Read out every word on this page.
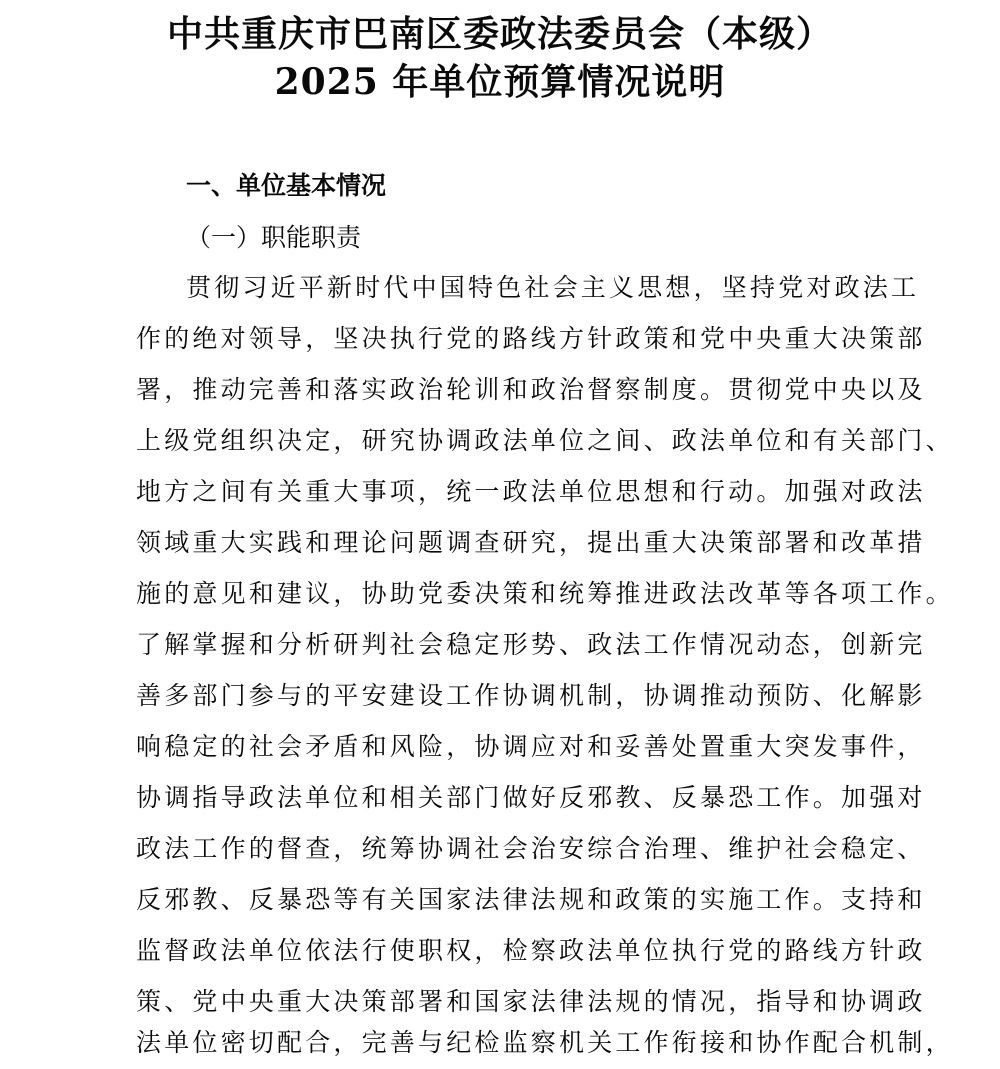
中共重庆市巴南区委政法委员会（本级）
2025 年单位预算情况说明
一、单位基本情况
（一）职能职责
贯彻习近平新时代中国特色社会主义思想，坚持党对政法工
作的绝对领导，坚决执行党的路线方针政策和党中央重大决策部
署，推动完善和落实政治轮训和政治督察制度。贯彻党中央以及
上级党组织决定，研究协调政法单位之间、政法单位和有关部门、
地方之间有关重大事项，统一政法单位思想和行动。加强对政法
领域重大实践和理论问题调查研究，提出重大决策部署和改革措
施的意见和建议，协助党委决策和统筹推进政法改革等各项工作。
了解掌握和分析研判社会稳定形势、政法工作情况动态，创新完
善多部门参与的平安建设工作协调机制，协调推动预防、化解影
响稳定的社会矛盾和风险，协调应对和妥善处置重大突发事件，
协调指导政法单位和相关部门做好反邪教、反暴恐工作。加强对
政法工作的督查，统筹协调社会治安综合治理、维护社会稳定、
反邪教、反暴恐等有关国家法律法规和政策的实施工作。支持和
监督政法单位依法行使职权，检察政法单位执行党的路线方针政
策、党中央重大决策部署和国家法律法规的情况，指导和协调政
法单位密切配合，完善与纪检监察机关工作衔接和协作配合机制，
